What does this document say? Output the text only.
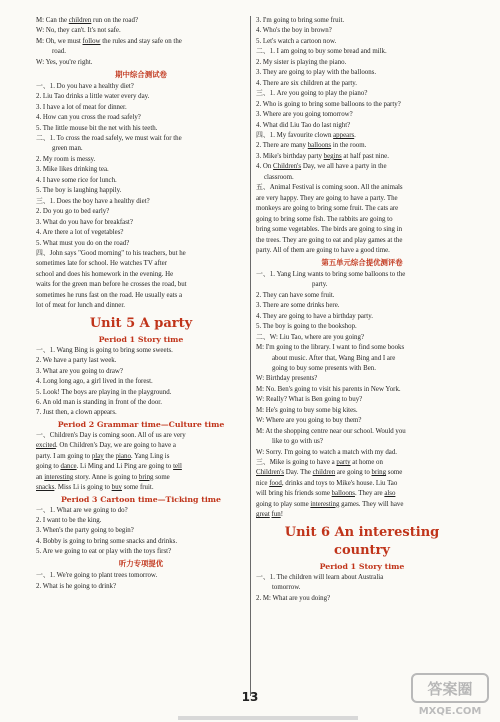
M: Can the children run on the road?
W: No, they can't. It's not safe.
M: Oh, we must follow the rules and stay safe on the
road.
W: Yes, you're right.
期中综合测试卷
一、1. Do you have a healthy diet?
2. Liu Tao drinks a little water every day.
3. I have a lot of meat for dinner.
4. How can you cross the road safely?
5. The little mouse bit the net with his teeth.
二、1. To cross the road safely, we must wait for the
green man.
2. My room is messy.
3. Mike likes drinking tea.
4. I have some rice for lunch.
5. The boy is laughing happily.
三、1. Does the boy have a healthy diet?
2. Do you go to bed early?
3. What do you have for breakfast?
4. Are there a lot of vegetables?
5. What must you do on the road?
四、John says "Good morning" to his teachers, but he
sometimes late for school. He watches TV after
school and does his homework in the evening. He
waits for the green man before he crosses the road, but
sometimes he runs fast on the road. He usually eats a
lot of meat for lunch and dinner.
Unit 5 A party
Period 1 Story time
一、1. Wang Bing is going to bring some sweets.
2. We have a party last week.
3. What are you going to draw?
4. Long long ago, a girl lived in the forest.
5. Look! The boys are playing in the playground.
6. An old man is standing in front of the door.
7. Just then, a clown appears.
Period 2 Grammar time—Culture time
一、Children's Day is coming soon. All of us are very
excited. On Children's Day, we are going to have a
party. I am going to play the piano. Yang Ling is
going to dance. Li Ming and Li Ping are going to tell
an interesting story. Anne is going to bring some
snacks. Miss Li is going to buy some fruit.
Period 3 Cartoon time—Ticking time
一、1. What are we going to do?
2. I want to be the king.
3. When's the party going to begin?
4. Bobby is going to bring some snacks and drinks.
5. Are we going to eat or play with the toys first?
听力专项提优
一、1. We're going to plant trees tomorrow.
2. What is he going to drink?
3. I'm going to bring some fruit.
4. Who's the boy in brown?
5. Let's watch a cartoon now.
二、1. I am going to buy some bread and milk.
2. My sister is playing the piano.
3. They are going to play with the balloons.
4. There are six children at the party.
三、1. Are you going to play the piano?
2. Who is going to bring some balloons to the party?
3. Where are you going tomorrow?
4. What did Liu Tao do last night?
四、1. My favourite clown appears.
2. There are many balloons in the room.
3. Mike's birthday party begins at half past nine.
4. On Children's Day, we all have a party in the
classroom.
五、Animal Festival is coming soon. All the animals
are very happy. They are going to have a party. The
monkeys are going to bring some fruit. The cats are
going to bring some fish. The rabbits are going to
bring some vegetables. The birds are going to sing in
the trees. They are going to eat and play games at the
party. All of them are going to have a good time.
第五单元综合提优测评卷
一、1. Yang Ling wants to bring some balloons to the
party.
2. They can have some fruit.
3. There are some drinks here.
4. They are going to have a birthday party.
5. The boy is going to the bookshop.
二、W: Liu Tao, where are you going?
M: I'm going to the library. I want to find some books
about music. After that, Wang Bing and I are
going to buy some presents with Ben.
W: Birthday presents?
M: No. Ben's going to visit his parents in New York.
W: Really? What is Ben going to buy?
M: He's going to buy some big kites.
W: Where are you going to buy them?
M: At the shopping centre near our school. Would you
like to go with us?
W: Sorry. I'm going to watch a match with my dad.
三、Mike is going to have a party at home on
Children's Day. The children are going to bring some
nice food, drinks and toys to Mike's house. Liu Tao
will bring his friends some balloons. They are also
going to play some interesting games. They will have
great fun!
Unit 6 An interesting country
Period 1 Story time
一、1. The children will learn about Australia
tomorrow.
2. M: What are you doing?
13	答案圈
MXQE.COM
